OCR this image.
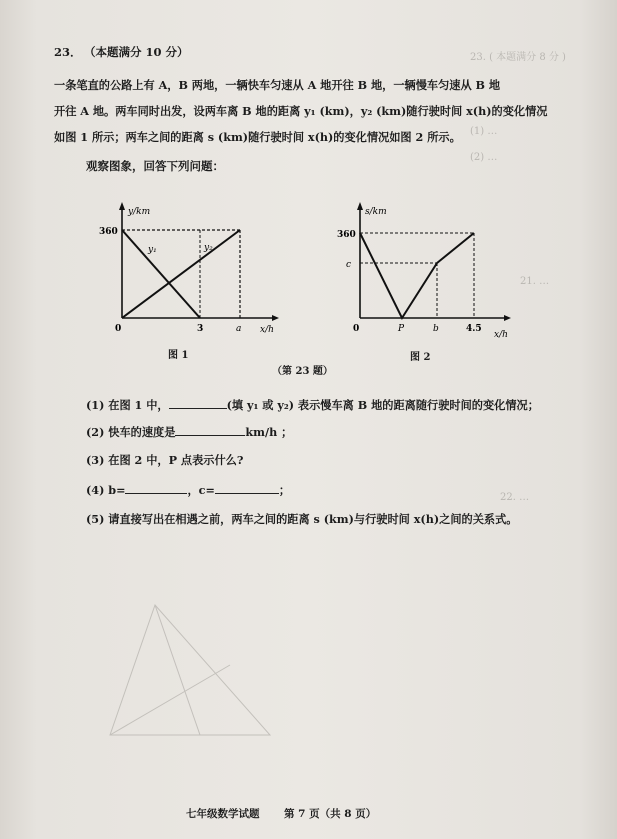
23. ( 本题满分 8 分 )
(1) …
(2) …
21. …
22. …
23． （本题满分 10 分）

一条笔直的公路上有 A，B 两地，一辆快车匀速从 A 地开往 B 地，一辆慢车匀速从 B 地

开往 A 地。两车同时出发，设两车离 B 地的距离 y₁ (km)，y₂ (km)随行驶时间 x(h)的变化情况

如图 1 所示；两车之间的距离 s (km)随行驶时间 x(h)的变化情况如图 2 所示。

观察图象，回答下列问题：
y/km
x/h
360
0	3	a
y₁	y₂
图 1
s/km
x/h
360
c
0	P	b	4.5
图 2
（第 23 题）
(1) 在图 1 中，	(填 y₁ 或 y₂) 表示慢车离 B 地的距离随行驶时间的变化情况；
(2) 快车的速度是	km/h ；
(3) 在图 2 中，P 点表示什么?
(4) b=	，c=	；
(5) 请直接写出在相遇之前，两车之间的距离 s (km)与行驶时间 x(h)之间的关系式。
七年级数学试题 第 7 页（共 8 页）
